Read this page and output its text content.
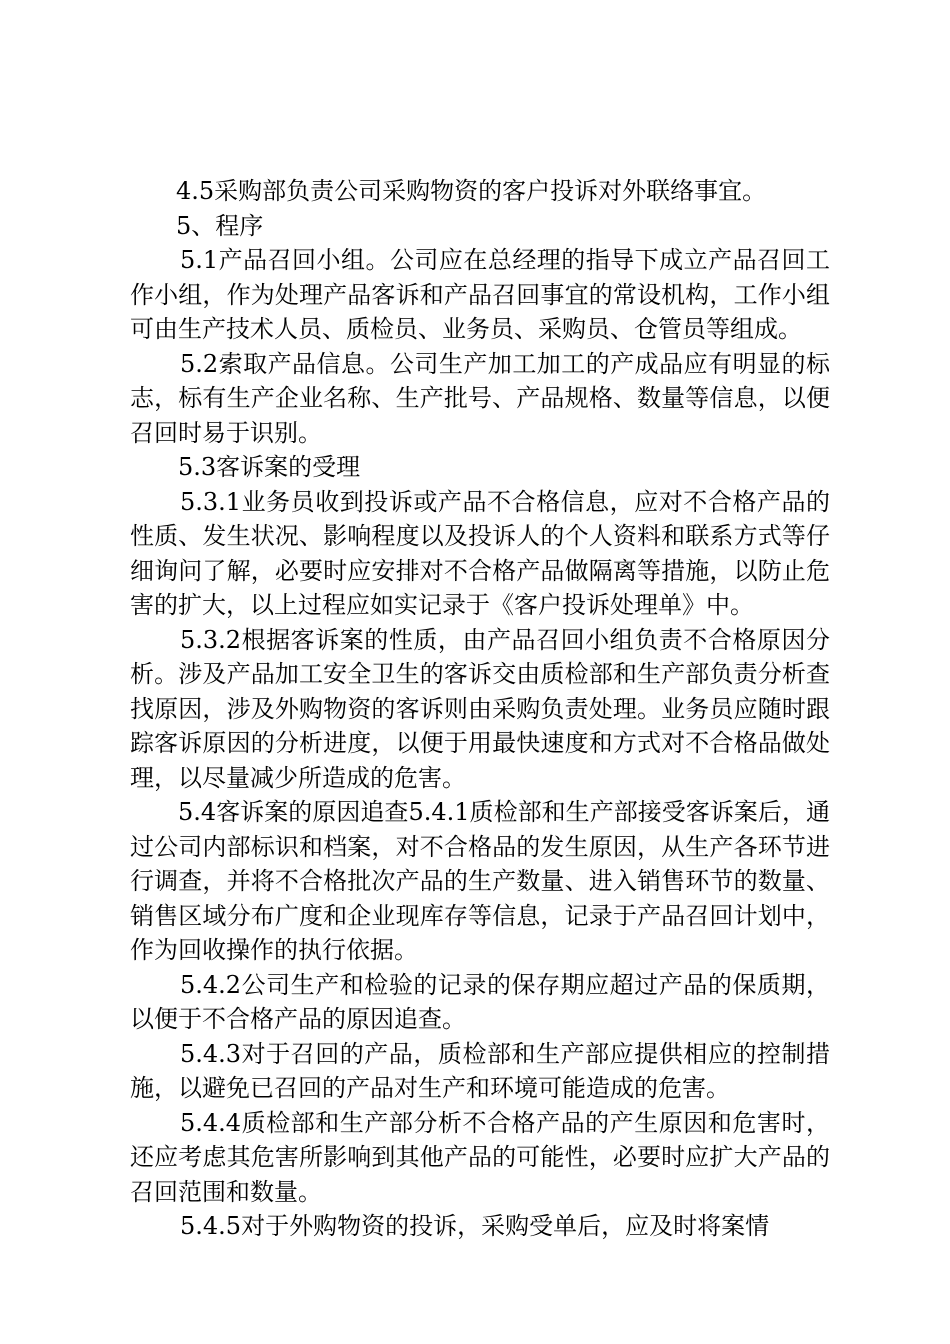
4.5采购部负责公司采购物资的客户投诉对外联络事宜。

5、程序

5.1产品召回小组。公司应在总经理的指导下成立产品召回工作小组，作为处理产品客诉和产品召回事宜的常设机构，工作小组可由生产技术人员、质检员、业务员、采购员、仓管员等组成。

5.2索取产品信息。公司生产加工加工的产成品应有明显的标志，标有生产企业名称、生产批号、产品规格、数量等信息，以便召回时易于识别。

5.3客诉案的受理

5.3.1业务员收到投诉或产品不合格信息，应对不合格产品的性质、发生状况、影响程度以及投诉人的个人资料和联系方式等仔细询问了解，必要时应安排对不合格产品做隔离等措施，以防止危害的扩大，以上过程应如实记录于《客户投诉处理单》中。

5.3.2根据客诉案的性质，由产品召回小组负责不合格原因分析。涉及产品加工安全卫生的客诉交由质检部和生产部负责分析查找原因，涉及外购物资的客诉则由采购负责处理。业务员应随时跟踪客诉原因的分析进度，以便于用最快速度和方式对不合格品做处理，以尽量减少所造成的危害。

5.4客诉案的原因追查5.4.1质检部和生产部接受客诉案后，通过公司内部标识和档案，对不合格品的发生原因，从生产各环节进行调查，并将不合格批次产品的生产数量、进入销售环节的数量、销售区域分布广度和企业现库存等信息，记录于产品召回计划中，作为回收操作的执行依据。

5.4.2公司生产和检验的记录的保存期应超过产品的保质期，以便于不合格产品的原因追查。

5.4.3对于召回的产品，质检部和生产部应提供相应的控制措施，以避免已召回的产品对生产和环境可能造成的危害。

5.4.4质检部和生产部分析不合格产品的产生原因和危害时，还应考虑其危害所影响到其他产品的可能性，必要时应扩大产品的召回范围和数量。

5.4.5对于外购物资的投诉，采购受单后，应及时将案情
